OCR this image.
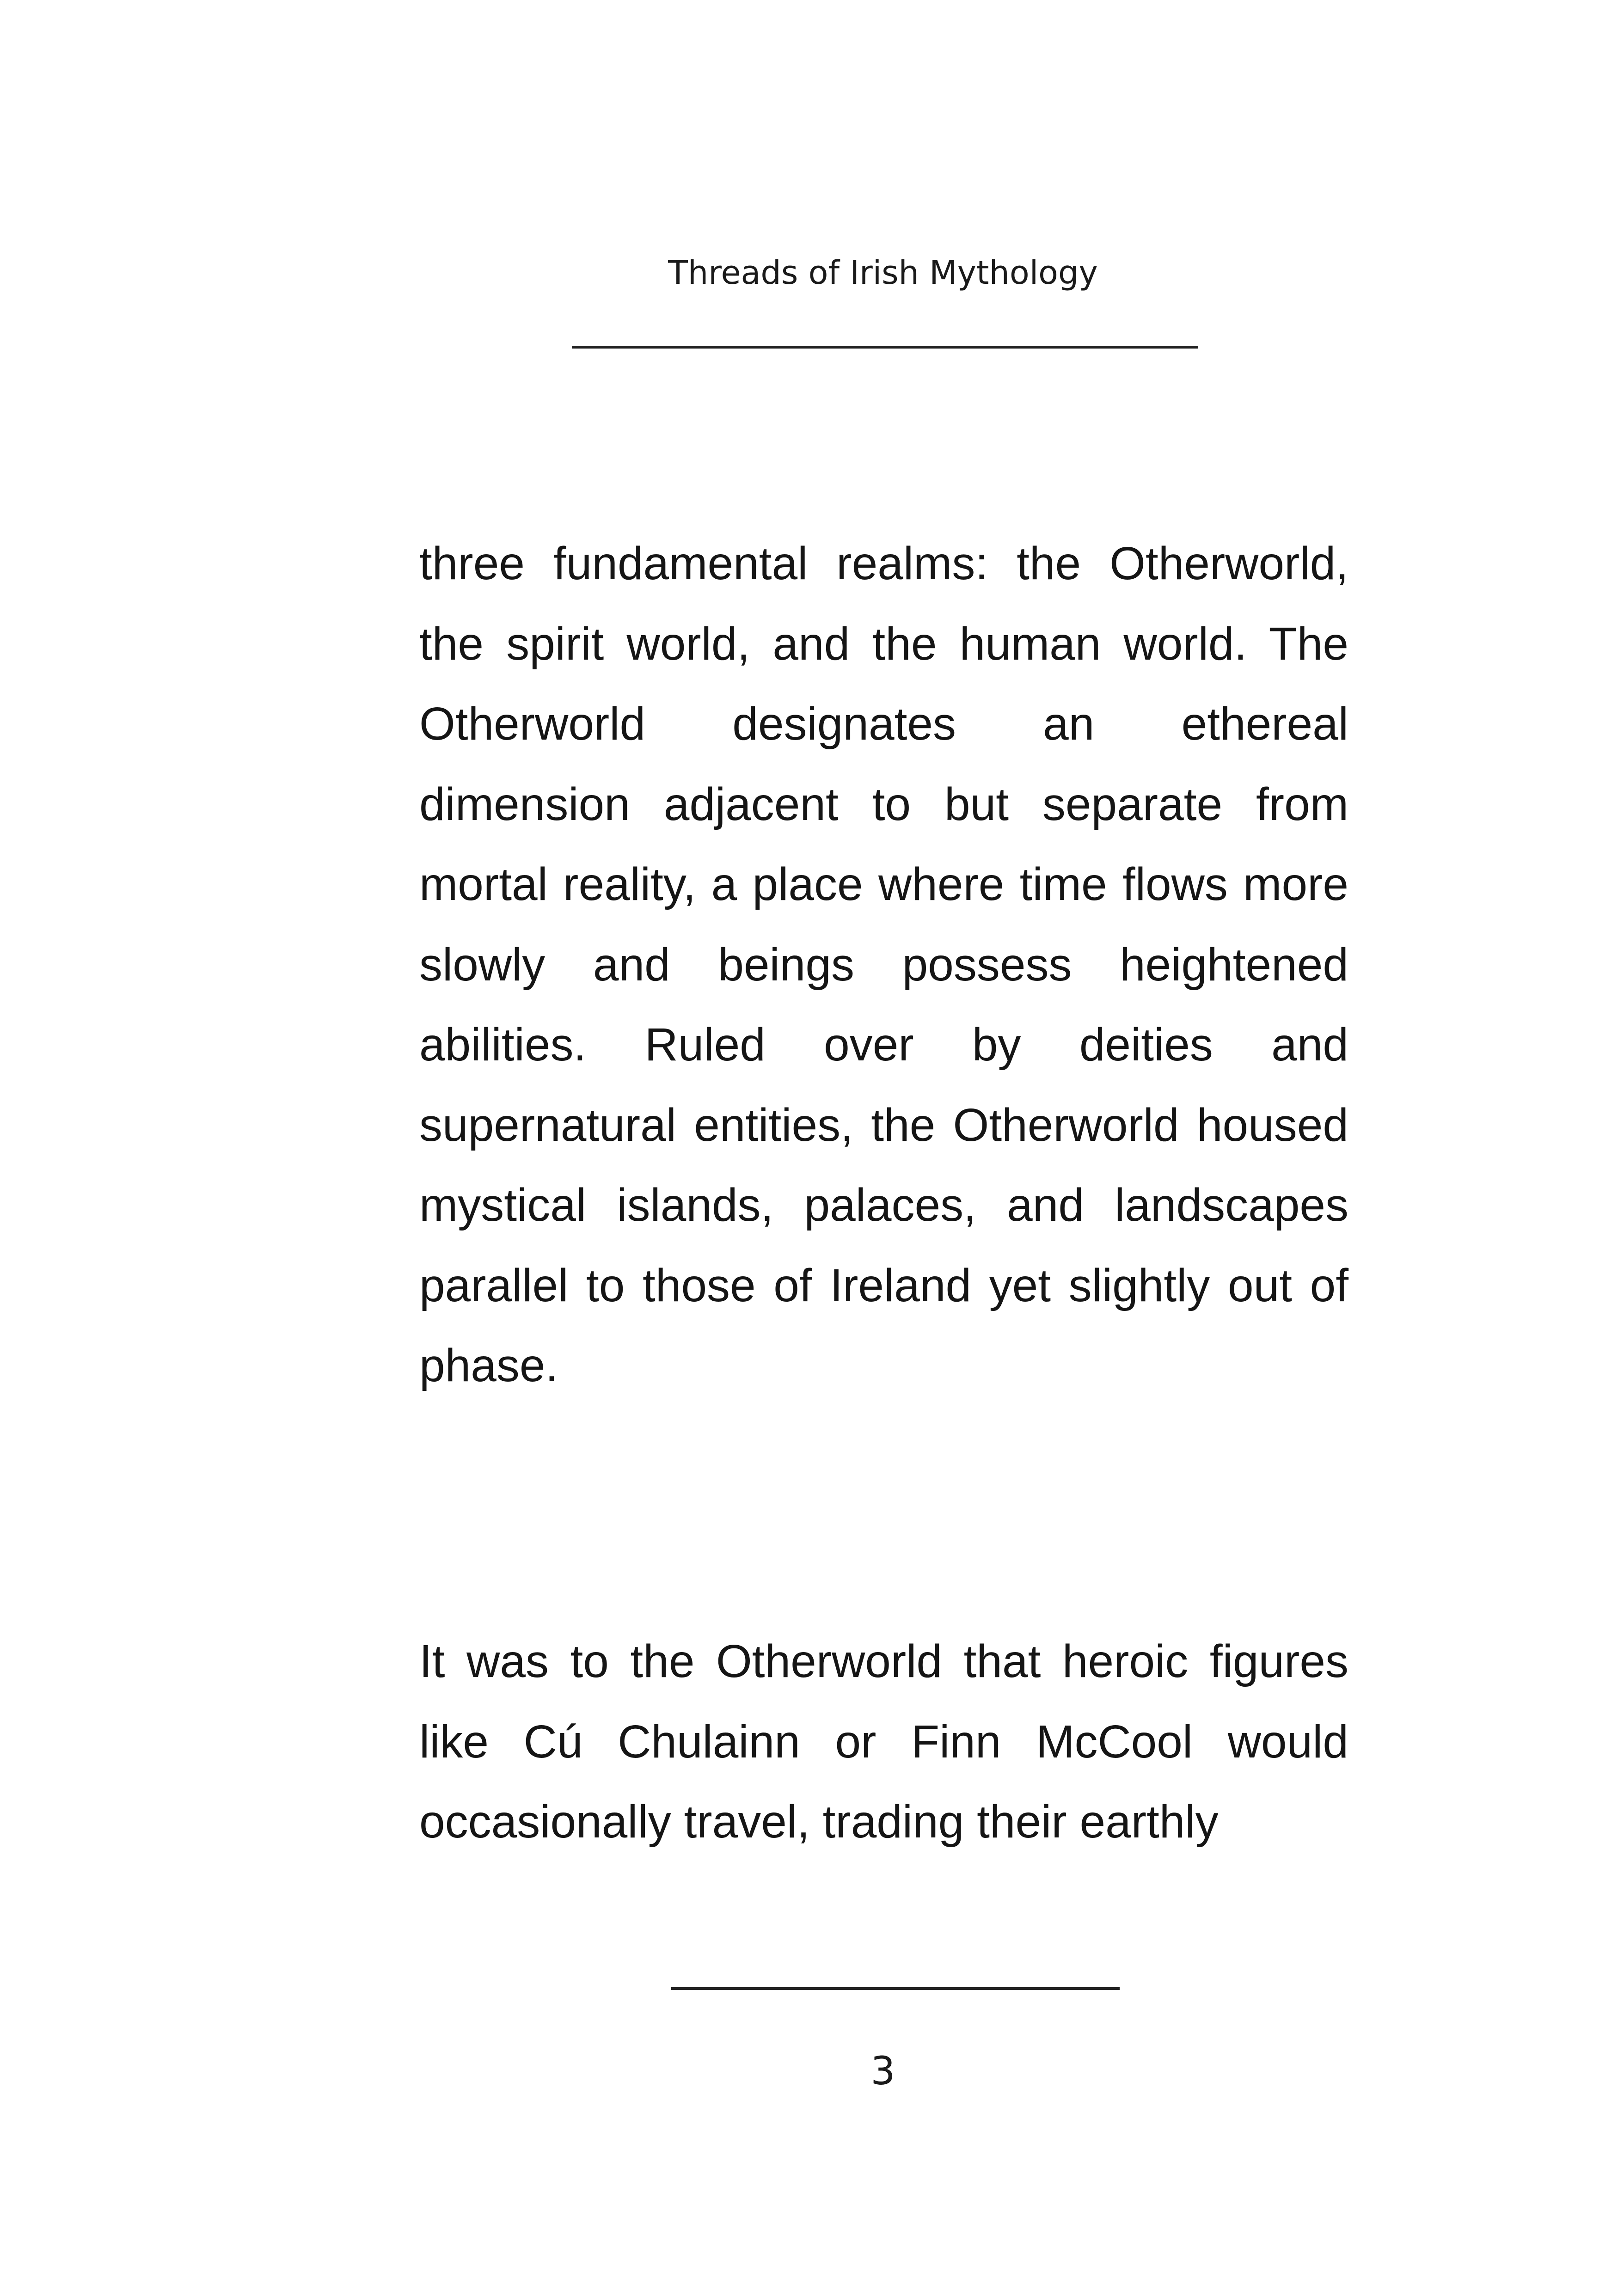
Threads of Irish Mythology

three fundamental realms: the Otherworld, the spirit world, and the human world. The Otherworld designates an ethereal dimension adjacent to but separate from mortal reality, a place where time flows more slowly and beings possess heightened abilities. Ruled over by deities and supernatural entities, the Otherworld housed mystical islands, palaces, and landscapes parallel to those of Ireland yet slightly out of phase.

It was to the Otherworld that heroic figures like Cú Chulainn or Finn McCool would occasionally travel, trading their earthly

3
